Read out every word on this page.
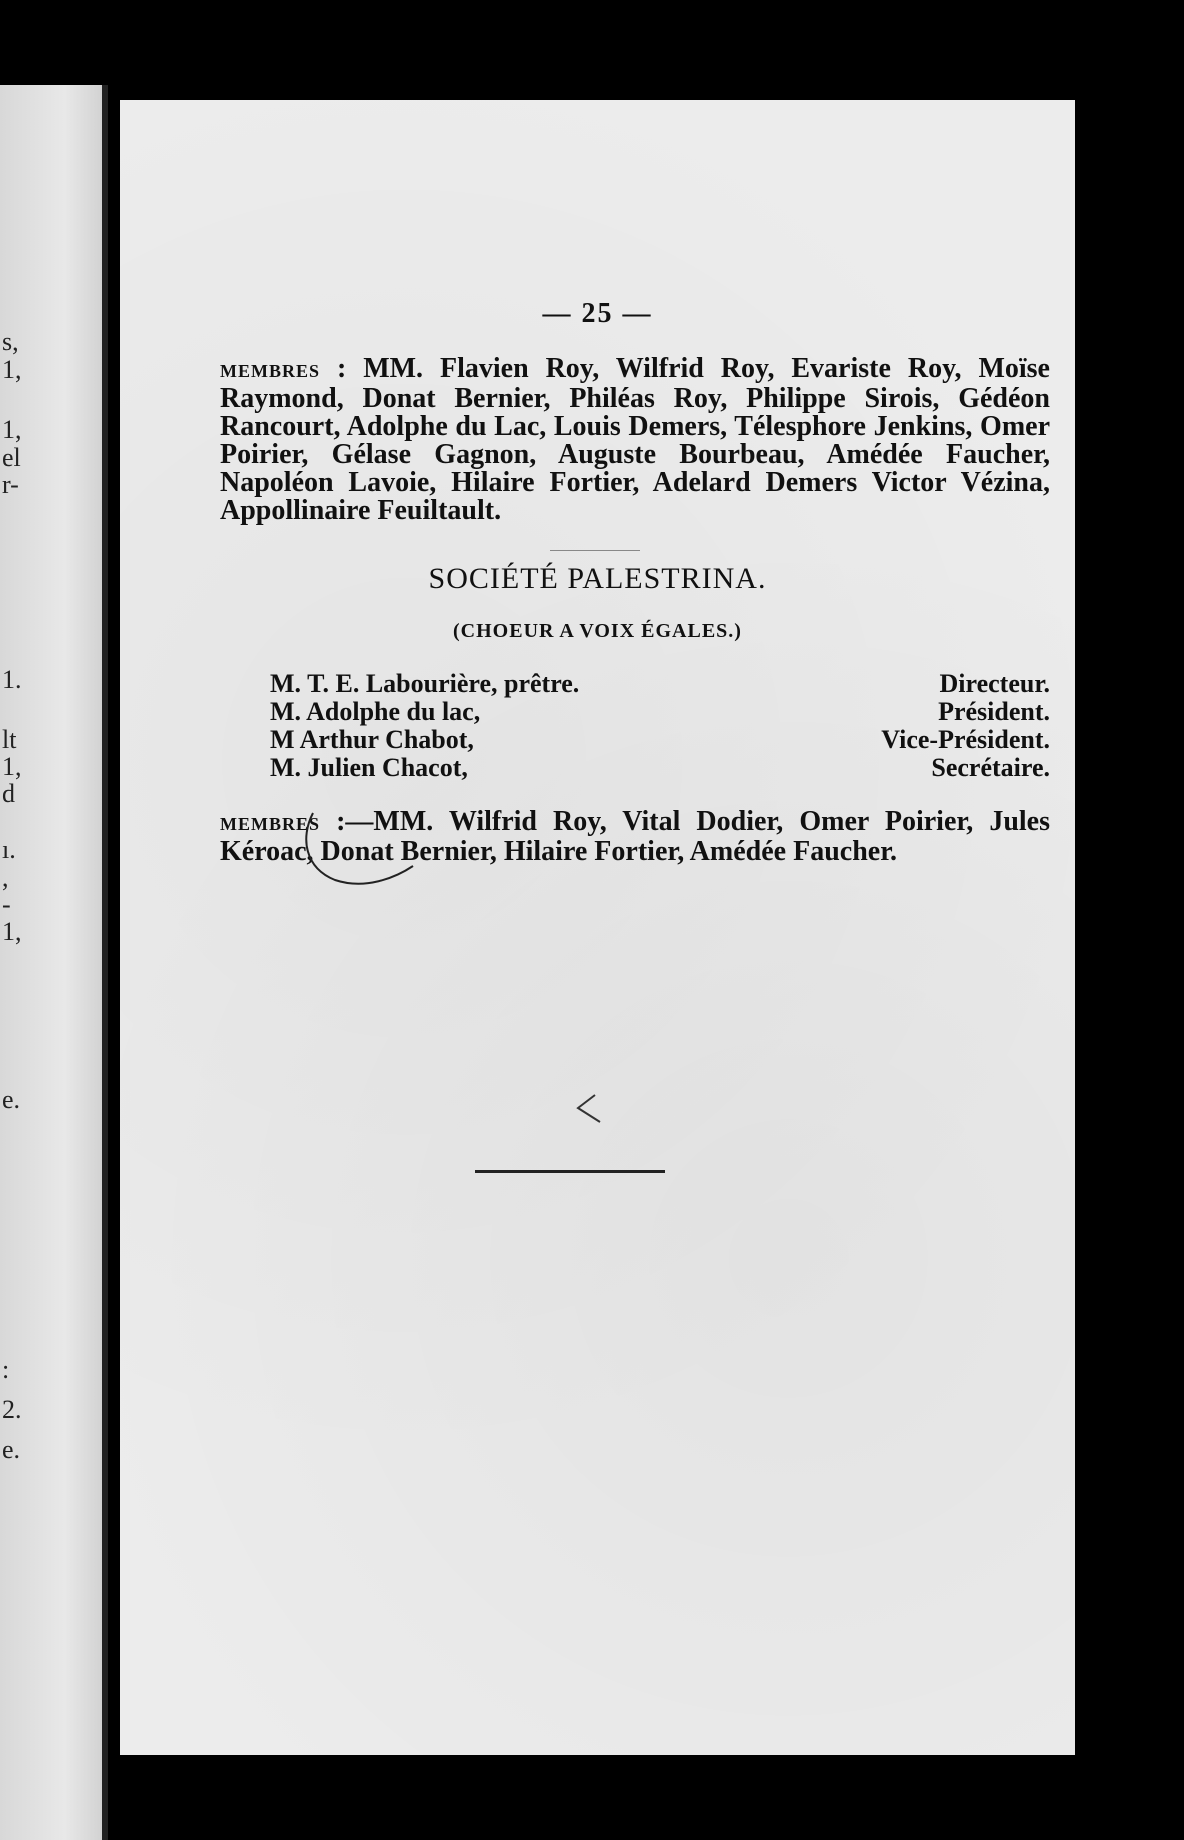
s,
1,
1,
el
r-
1.
lt
1,
d
ı.
,
-
1,
e.
:
2.
e.
— 25 —

MEMBRES : MM. Flavien Roy, Wilfrid Roy, Evariste Roy, Moïse Raymond, Donat Bernier, Philéas Roy, Philippe Sirois, Gédéon Rancourt, Adolphe du Lac, Louis Demers, Télesphore Jenkins, Omer Poirier, Gélase Gagnon, Auguste Bourbeau, Amédée Faucher, Napoléon Lavoie, Hilaire Fortier, Adelard Demers Victor Vézina, Appollinaire Feuiltault.

SOCIÉTÉ PALESTRINA.
(CHOEUR A VOIX ÉGALES.)
M. T. E. Labourière, prêtre.	Directeur.
M. Adolphe du lac,	Président.
M Arthur Chabot,	Vice-Président.
M. Julien Chacot,	Secrétaire.

MEMBRES :—MM. Wilfrid Roy, Vital Dodier, Omer Poirier, Jules Kéroac, Donat Bernier, Hilaire Fortier, Amédée Faucher.
